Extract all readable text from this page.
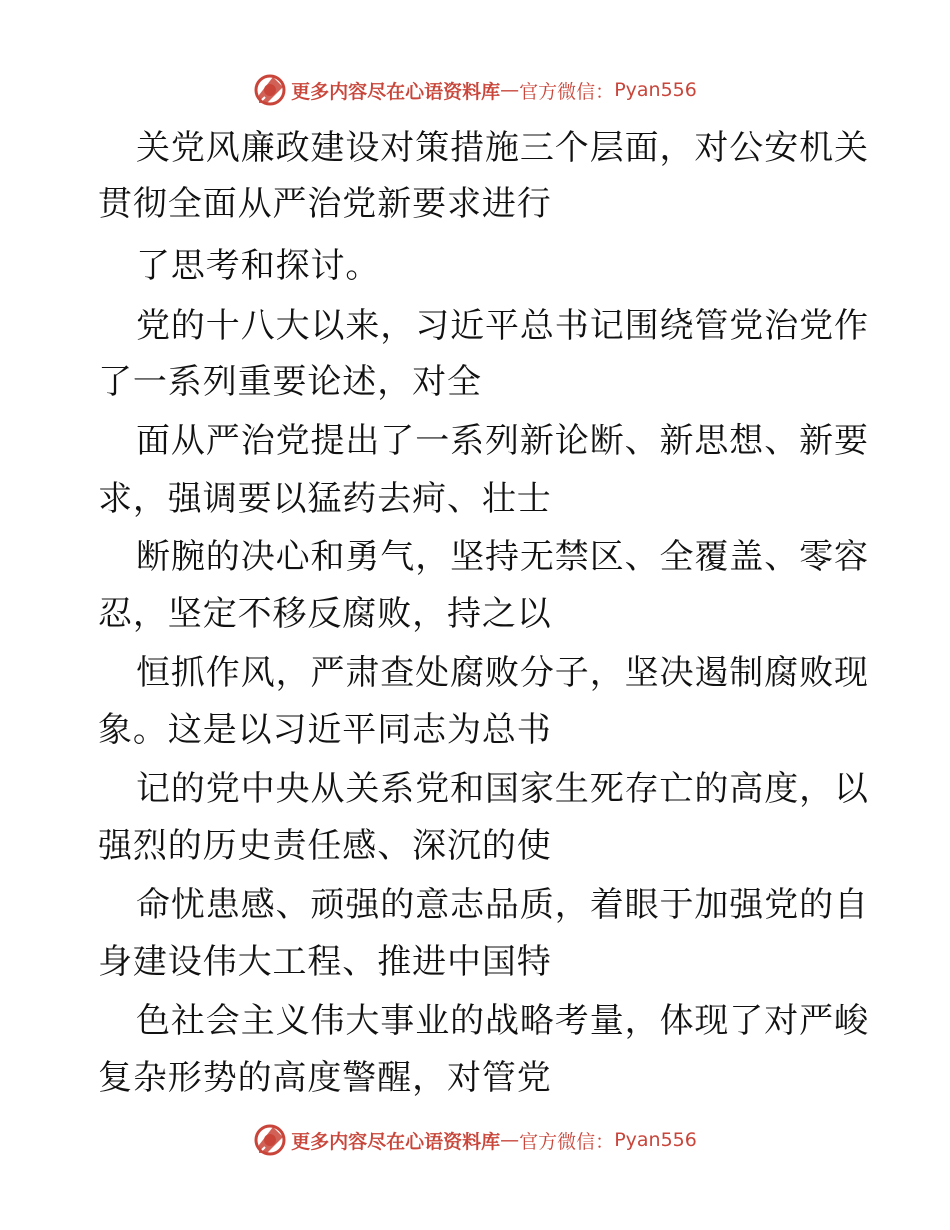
更多内容尽在心语资料库 — 官方微信： Pyan556
关党风廉政建设对策措施三个层面，对公安机关
贯彻全面从严治党新要求进行
了思考和探讨。
党的十八大以来，习近平总书记围绕管党治党作
了一系列重要论述，对全
面从严治党提出了一系列新论断、新思想、新要
求，强调要以猛药去疴、壮士
断腕的决心和勇气，坚持无禁区、全覆盖、零容
忍，坚定不移反腐败，持之以
恒抓作风，严肃查处腐败分子，坚决遏制腐败现
象。这是以习近平同志为总书
记的党中央从关系党和国家生死存亡的高度，以
强烈的历史责任感、深沉的使
命忧患感、顽强的意志品质，着眼于加强党的自
身建设伟大工程、推进中国特
色社会主义伟大事业的战略考量，体现了对严峻
复杂形势的高度警醒，对管党
更多内容尽在心语资料库 — 官方微信： Pyan556
